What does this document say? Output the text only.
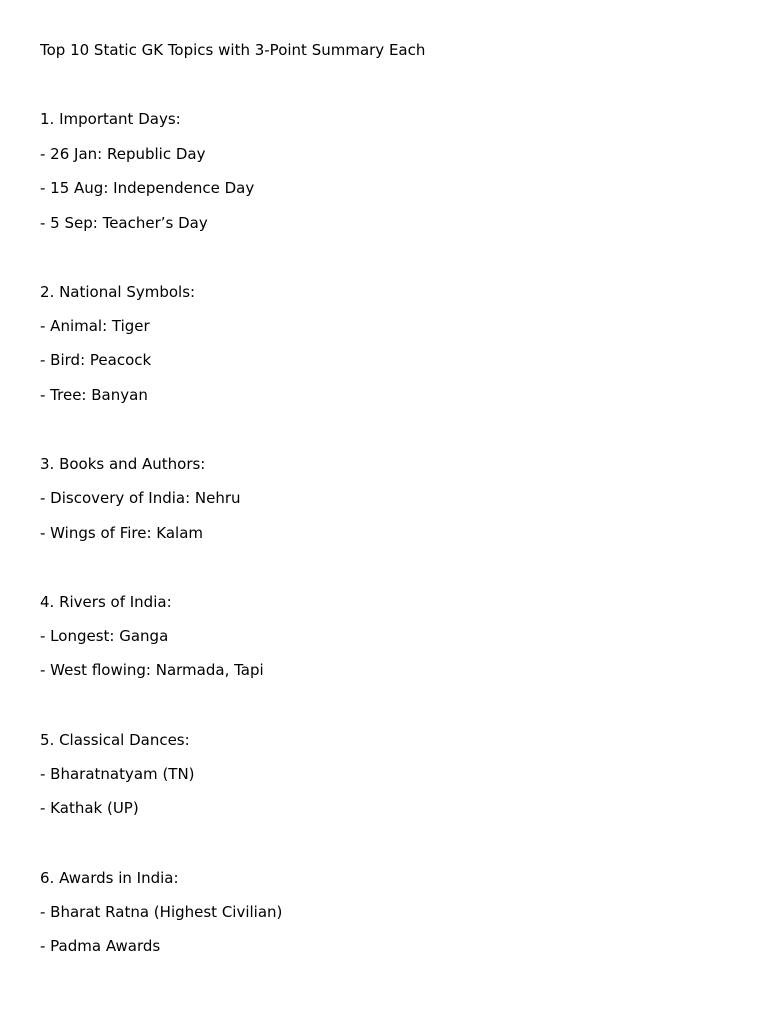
Top 10 Static GK Topics with 3-Point Summary Each
1. Important Days:
- 26 Jan: Republic Day
- 15 Aug: Independence Day
- 5 Sep: Teacher’s Day
2. National Symbols:
- Animal: Tiger
- Bird: Peacock
- Tree: Banyan
3. Books and Authors:
- Discovery of India: Nehru
- Wings of Fire: Kalam
4. Rivers of India:
- Longest: Ganga
- West flowing: Narmada, Tapi
5. Classical Dances:
- Bharatnatyam (TN)
- Kathak (UP)
6. Awards in India:
- Bharat Ratna (Highest Civilian)
- Padma Awards
